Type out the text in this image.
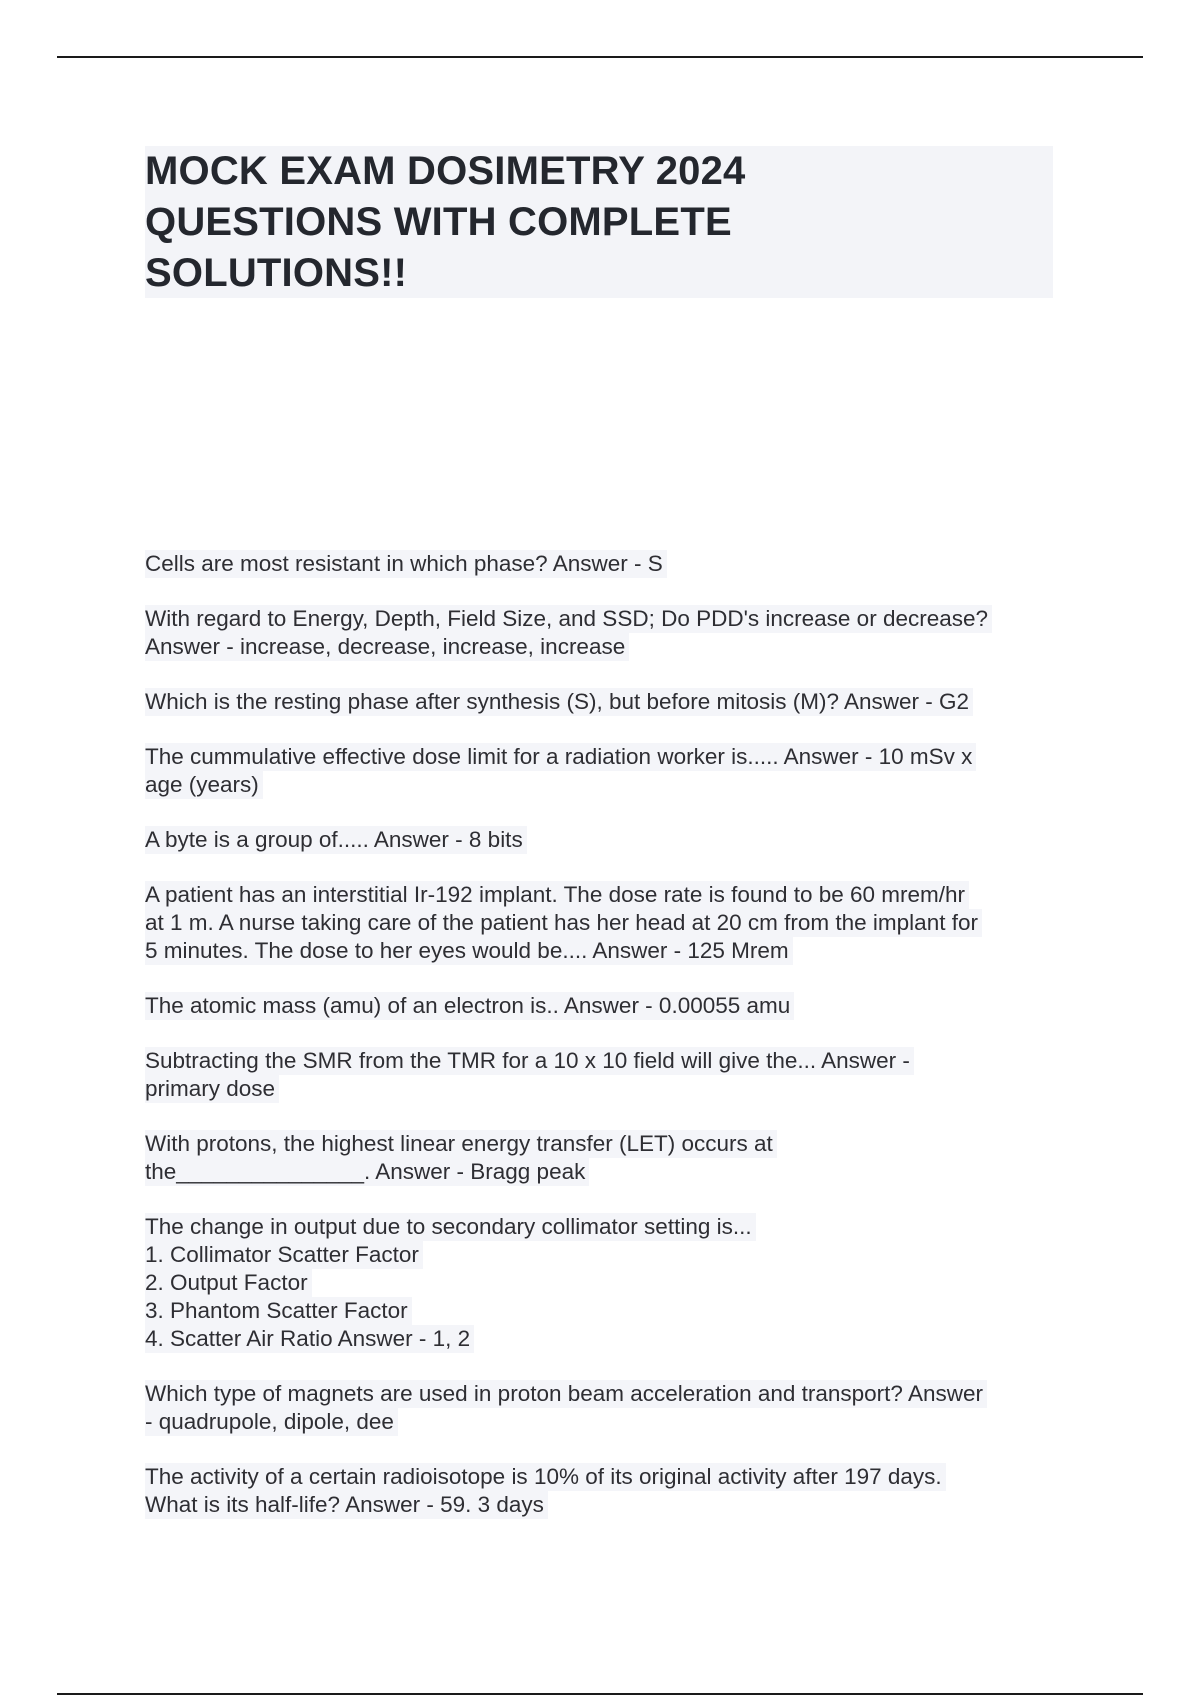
MOCK EXAM DOSIMETRY 2024
QUESTIONS WITH COMPLETE
SOLUTIONS!!
Cells are most resistant in which phase? Answer - S
With regard to Energy, Depth, Field Size, and SSD; Do PDD's increase or decrease?
Answer - increase, decrease, increase, increase
Which is the resting phase after synthesis (S), but before mitosis (M)? Answer - G2
The cummulative effective dose limit for a radiation worker is..... Answer - 10 mSv x
age (years)
A byte is a group of..... Answer - 8 bits
A patient has an interstitial Ir-192 implant. The dose rate is found to be 60 mrem/hr
at 1 m. A nurse taking care of the patient has her head at 20 cm from the implant for
5 minutes. The dose to her eyes would be.... Answer - 125 Mrem
The atomic mass (amu) of an electron is.. Answer - 0.00055 amu
Subtracting the SMR from the TMR for a 10 x 10 field will give the... Answer -
primary dose
With protons, the highest linear energy transfer (LET) occurs at
the_______________. Answer - Bragg peak
The change in output due to secondary collimator setting is...
1. Collimator Scatter Factor
2. Output Factor
3. Phantom Scatter Factor
4. Scatter Air Ratio Answer - 1, 2
Which type of magnets are used in proton beam acceleration and transport? Answer
- quadrupole, dipole, dee
The activity of a certain radioisotope is 10% of its original activity after 197 days.
What is its half-life? Answer - 59. 3 days
